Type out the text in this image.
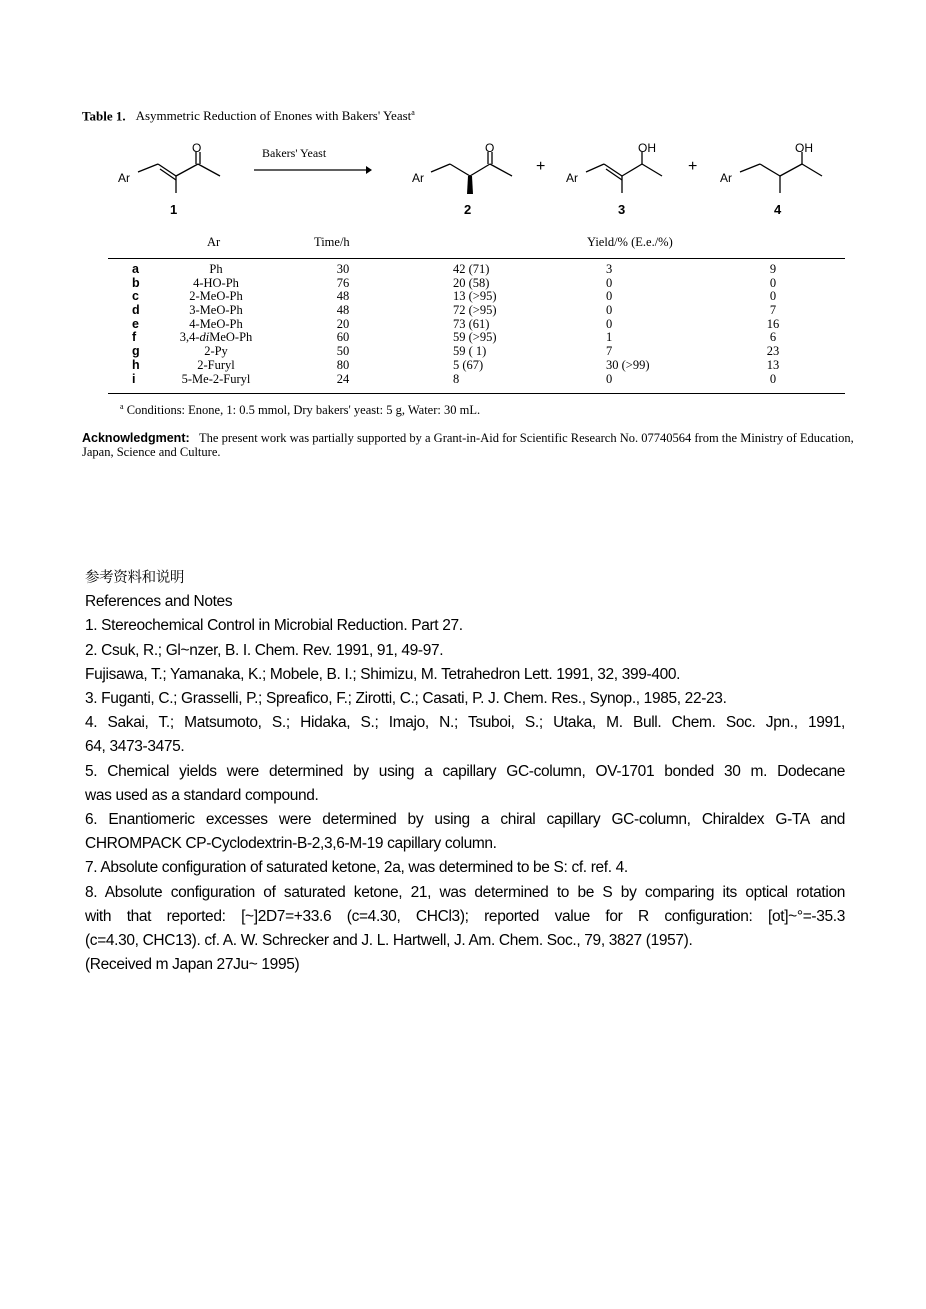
Table 1. Asymmetric Reduction of Enones with Bakers' Yeast$^a$
Ar
O
1
Bakers' Yeast
Ar
O
2
+
Ar
OH
3
+
Ar
OH
4
Ar	Time/h	Yield/% (E.e./%)
a	Ph	30	42 (71)	3	9
b	4-HO-Ph	76	20 (58)	0	0
c	2-MeO-Ph	48	13 (>95)	0	0
d	3-MeO-Ph	48	72 (>95)	0	7
e	4-MeO-Ph	20	73 (61)	0	16
f	3,4-diMeO-Ph	60	59 (>95)	1	6
g	2-Py	50	59 ( 1)	7	23
h	2-Furyl	80	5 (67)	30 (>99)	13
i	5-Me-2-Furyl	24	8	0	0
$^a$ Conditions: Enone, 1: 0.5 mmol, Dry bakers' yeast: 5 g, Water: 30 mL.
Acknowledgment: The present work was partially supported by a Grant-in-Aid for Scientific Research No. 07740564 from the Ministry of Education, Japan, Science and Culture.

参考资料和说明

References and Notes

1. Stereochemical Control in Microbial Reduction. Part 27.

2. Csuk, R.; Gl~nzer, B. I. Chem. Rev. 1991, 91, 49-97.

Fujisawa, T.; Yamanaka, K.; Mobele, B. I.; Shimizu, M. Tetrahedron Lett. 1991, 32, 399-400.

3. Fuganti, C.; Grasselli, P.; Spreafico, F.; Zirotti, C.; Casati, P. J. Chem. Res., Synop., 1985, 22-23.

4. Sakai, T.; Matsumoto, S.; Hidaka, S.; Imajo, N.; Tsuboi, S.; Utaka, M. Bull. Chem. Soc. Jpn., 1991,

64, 3473-3475.

5. Chemical yields were determined by using a capillary GC-column, OV-1701 bonded 30 m. Dodecane

was used as a standard compound.

6. Enantiomeric excesses were determined by using a chiral capillary GC-column, Chiraldex G-TA and

CHROMPACK CP-Cyclodextrin-B-2,3,6-M-19 capillary column.

7. Absolute configuration of saturated ketone, 2a, was determined to be S: cf. ref. 4.

8. Absolute configuration of saturated ketone, 21, was determined to be S by comparing its optical rotation

with that reported: [~]2D7=+33.6 (c=4.30, CHCl3); reported value for R configuration: [ot]~°=-35.3

(c=4.30, CHC13). cf. A. W. Schrecker and J. L. Hartwell, J. Am. Chem. Soc., 79, 3827 (1957).

(Received m Japan 27Ju~ 1995)
